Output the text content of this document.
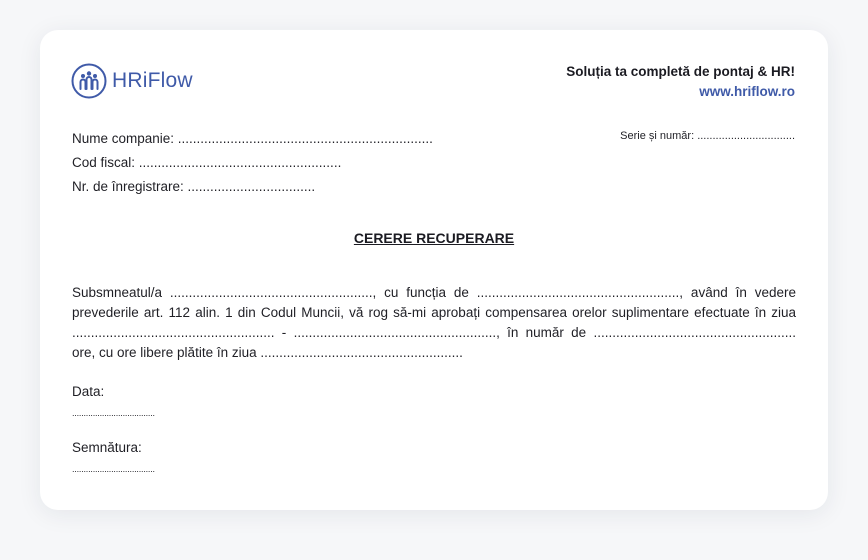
HRiFlow	Soluția ta completă de pontaj & HR!
www.hriflow.ro
Nume companie: ....................................................................
Cod fiscal: ......................................................
Nr. de înregistrare: ..................................
Serie și număr: ................................
CERERE RECUPERARE
Subsmneatul/a ......................................................, cu funcția de ......................................................, având în vedere prevederile art. 112 alin. 1 din Codul Muncii, vă rog să-mi aprobați compensarea orelor suplimentare efectuate în ziua ...................................................... - ......................................................, în număr de ...................................................... ore, cu ore libere plătite în ziua ......................................................
Data:
....................................
Semnătura:
....................................
